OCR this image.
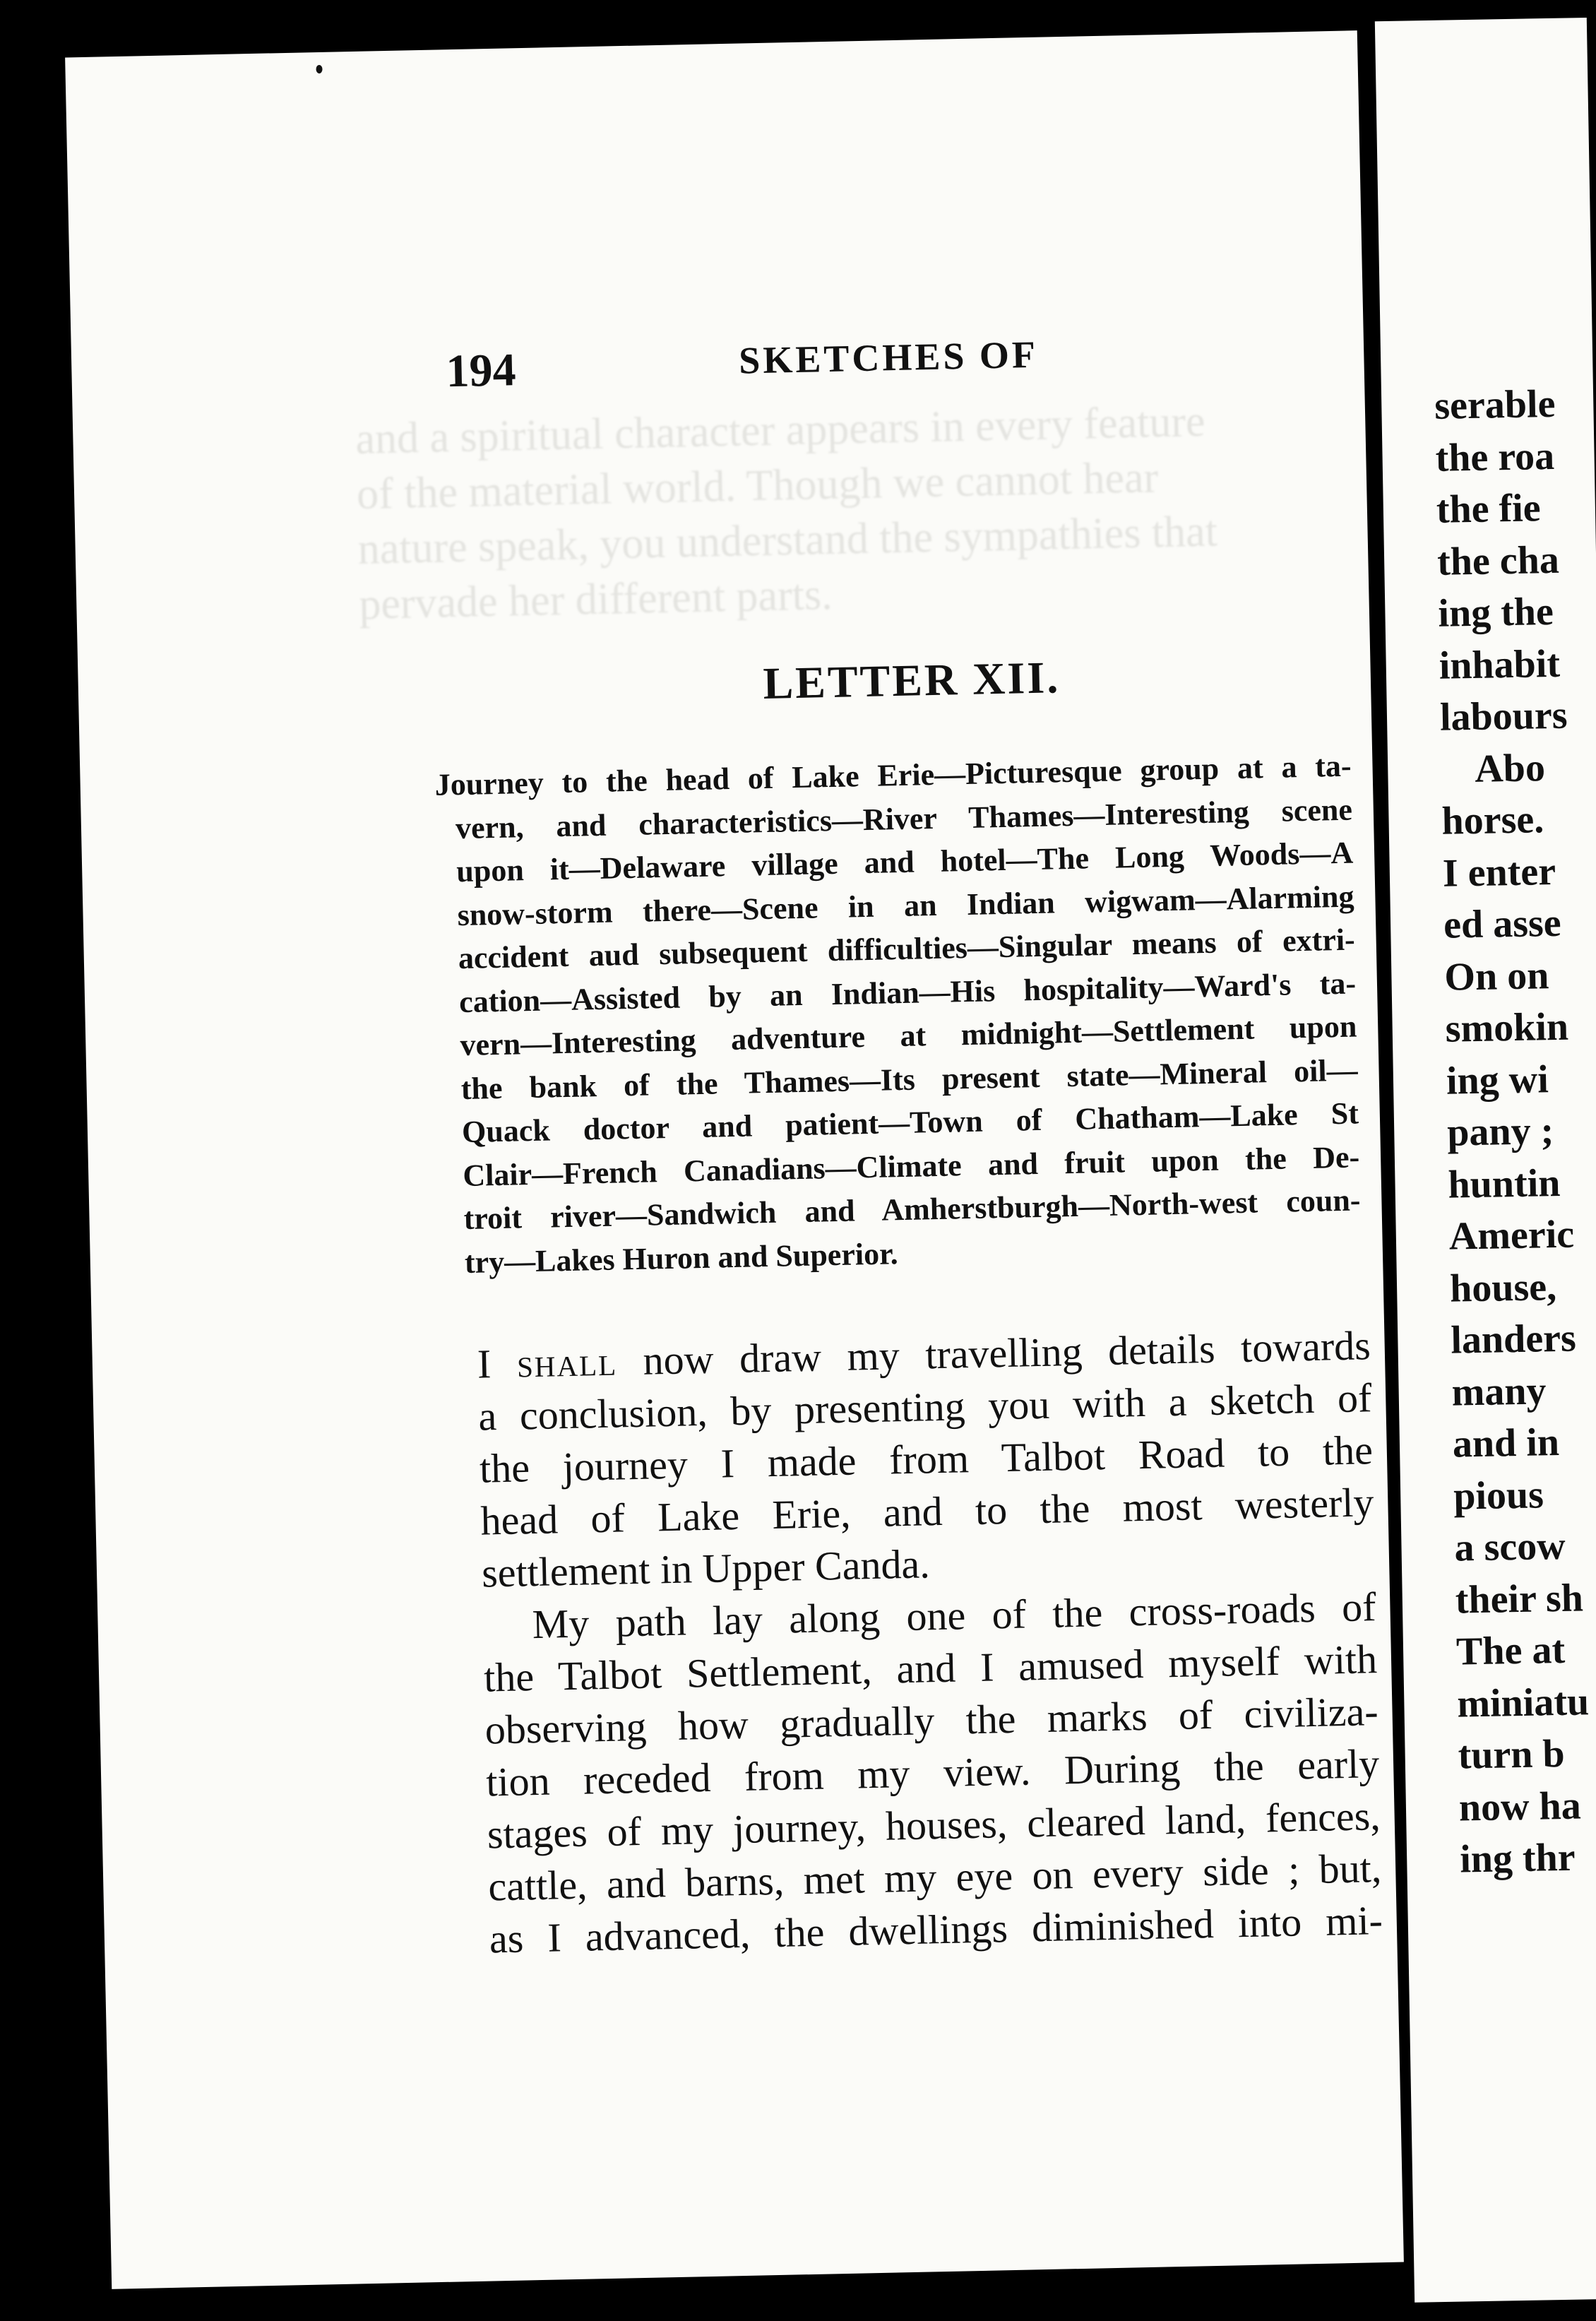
and a spiritual character appears in every feature
of the material world. Though we cannot hear
nature speak, you understand the sympathies that
pervade her different parts.
194	SKETCHES OF
LETTER XII.
Journey to the head of Lake Erie—Picturesque group at a ta-
vern, and characteristics—River Thames—Interesting scene
upon it—Delaware village and hotel—The Long Woods—A
snow-storm there—Scene in an Indian wigwam—Alarming
accident aud subsequent difficulties—Singular means of extri-
cation—Assisted by an Indian—His hospitality—Ward's ta-
vern—Interesting adventure at midnight—Settlement upon
the bank of the Thames—Its present state—Mineral oil—
Quack doctor and patient—Town of Chatham—Lake St
Clair—French Canadians—Climate and fruit upon the De-
troit river—Sandwich and Amherstburgh—North-west coun-
try—Lakes Huron and Superior.
I shall now draw my travelling details towards
a conclusion, by presenting you with a sketch of
the journey I made from Talbot Road to the
head of Lake Erie, and to the most westerly
settlement in Upper Canda.
My path lay along one of the cross-roads of
the Talbot Settlement, and I amused myself with
observing how gradually the marks of civiliza-
tion receded from my view. During the early
stages of my journey, houses, cleared land, fences,
cattle, and barns, met my eye on every side ; but,
as I advanced, the dwellings diminished into mi-
serable
the roa
the fie
the cha
ing the
inhabit
labours
Abo
horse.
I enter
ed asse
On on
smokin
ing wi
pany ;
huntin
Americ
house,
landers
many
and in
pious
a scow
their sh
The at
miniatu
turn b
now ha
ing thr
